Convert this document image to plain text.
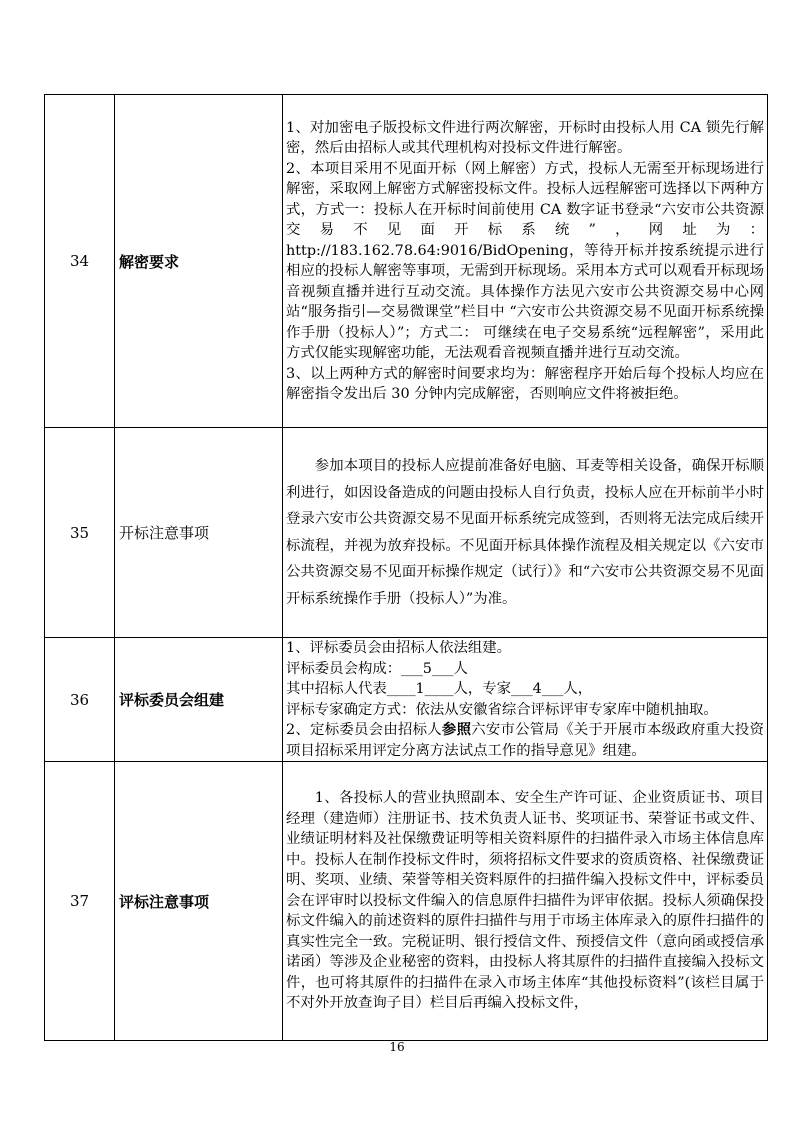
34	解密要求	1、对加密电子版投标文件进行两次解密，开标时由投标人用 CA 锁先行解密，然后由招标人或其代理机构对投标文件进行解密。

2、本项目采用不见面开标（网上解密）方式，投标人无需至开标现场进行解密，采取网上解密方式解密投标文件。投标人远程解密可选择以下两种方式，方式一：投标人在开标时间前使用 CA 数字证书登录“六安市公共资源交易不见面开标系统”，网址为：http://183.162.78.64:9016/BidOpening，等待开标并按系统提示进行相应的投标人解密等事项，无需到开标现场。采用本方式可以观看开标现场音视频直播并进行互动交流。具体操作方法见六安市公共资源交易中心网站“服务指引—交易微课堂”栏目中 “六安市公共资源交易不见面开标系统操作手册（投标人）”；方式二： 可继续在电子交易系统“远程解密”，采用此方式仅能实现解密功能，无法观看音视频直播并进行互动交流。

3、以上两种方式的解密时间要求均为：解密程序开始后每个投标人均应在解密指令发出后 30 分钟内完成解密，否则响应文件将被拒绝。

35	开标注意事项	参加本项目的投标人应提前准备好电脑、耳麦等相关设备，确保开标顺利进行，如因设备造成的问题由投标人自行负责，投标人应在开标前半小时登录六安市公共资源交易不见面开标系统完成签到，否则将无法完成后续开标流程，并视为放弃投标。不见面开标具体操作流程及相关规定以《六安市公共资源交易不见面开标操作规定（试行）》和“六安市公共资源交易不见面开标系统操作手册（投标人）”为准。

36	评标委员会组建	1、评标委员会由招标人依法组建。

评标委员会构成：___5___人

其中招标人代表____1____人，专家___4___人，

评标专家确定方式：依法从安徽省综合评标评审专家库中随机抽取。

2、定标委员会由招标人参照六安市公管局《关于开展市本级政府重大投资项目招标采用评定分离方法试点工作的指导意见》组建。

37	评标注意事项	1、各投标人的营业执照副本、安全生产许可证、企业资质证书、项目经理（建造师）注册证书、技术负责人证书、奖项证书、荣誉证书或文件、业绩证明材料及社保缴费证明等相关资料原件的扫描件录入市场主体信息库中。投标人在制作投标文件时，须将招标文件要求的资质资格、社保缴费证明、奖项、业绩、荣誉等相关资料原件的扫描件编入投标文件中，评标委员会在评审时以投标文件编入的信息原件扫描件为评审依据。投标人须确保投标文件编入的前述资料的原件扫描件与用于市场主体库录入的原件扫描件的真实性完全一致。完税证明、银行授信文件、预授信文件（意向函或授信承诺函）等涉及企业秘密的资料，由投标人将其原件的扫描件直接编入投标文件，也可将其原件的扫描件在录入市场主体库“其他投标资料”(该栏目属于不对外开放查询子目）栏目后再编入投标文件，

16
